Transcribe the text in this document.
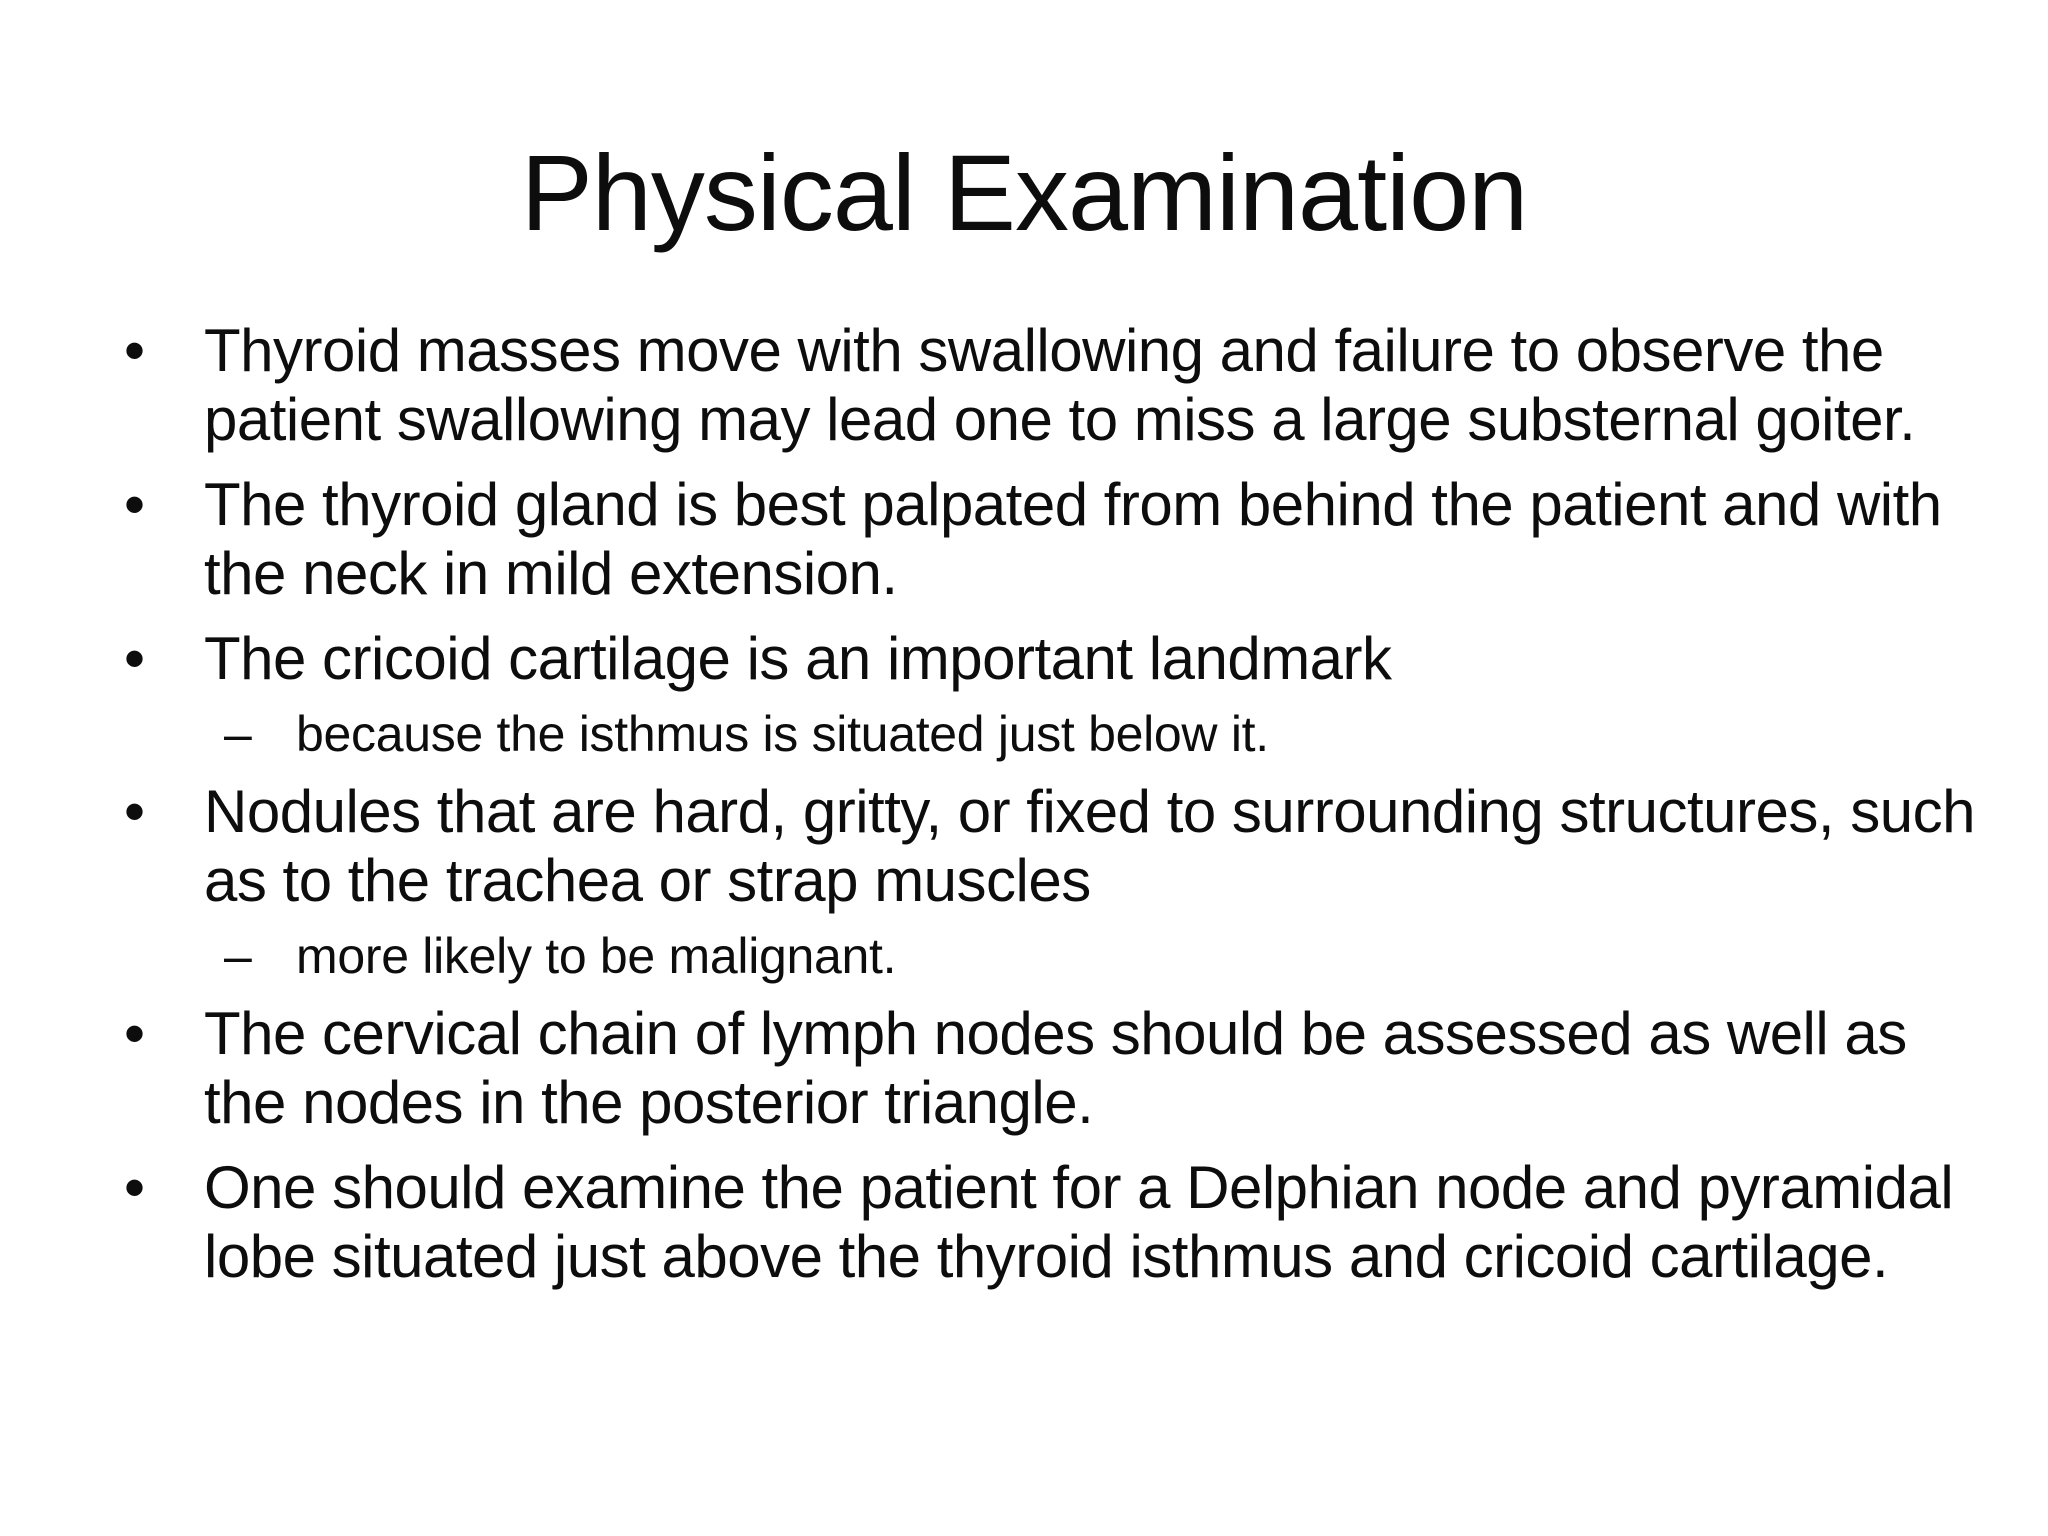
Physical Examination
• Thyroid masses move with swallowing and failure to observe the patient swallowing may lead one to miss a large substernal goiter.
• The thyroid gland is best palpated from behind the patient and with the neck in mild extension.
• The cricoid cartilage is an important landmark
– because the isthmus is situated just below it.
• Nodules that are hard, gritty, or fixed to surrounding structures, such as to the trachea or strap muscles
– more likely to be malignant.
• The cervical chain of lymph nodes should be assessed as well as the nodes in the posterior triangle.
• One should examine the patient for a Delphian node and pyramidal lobe situated just above the thyroid isthmus and cricoid cartilage.
